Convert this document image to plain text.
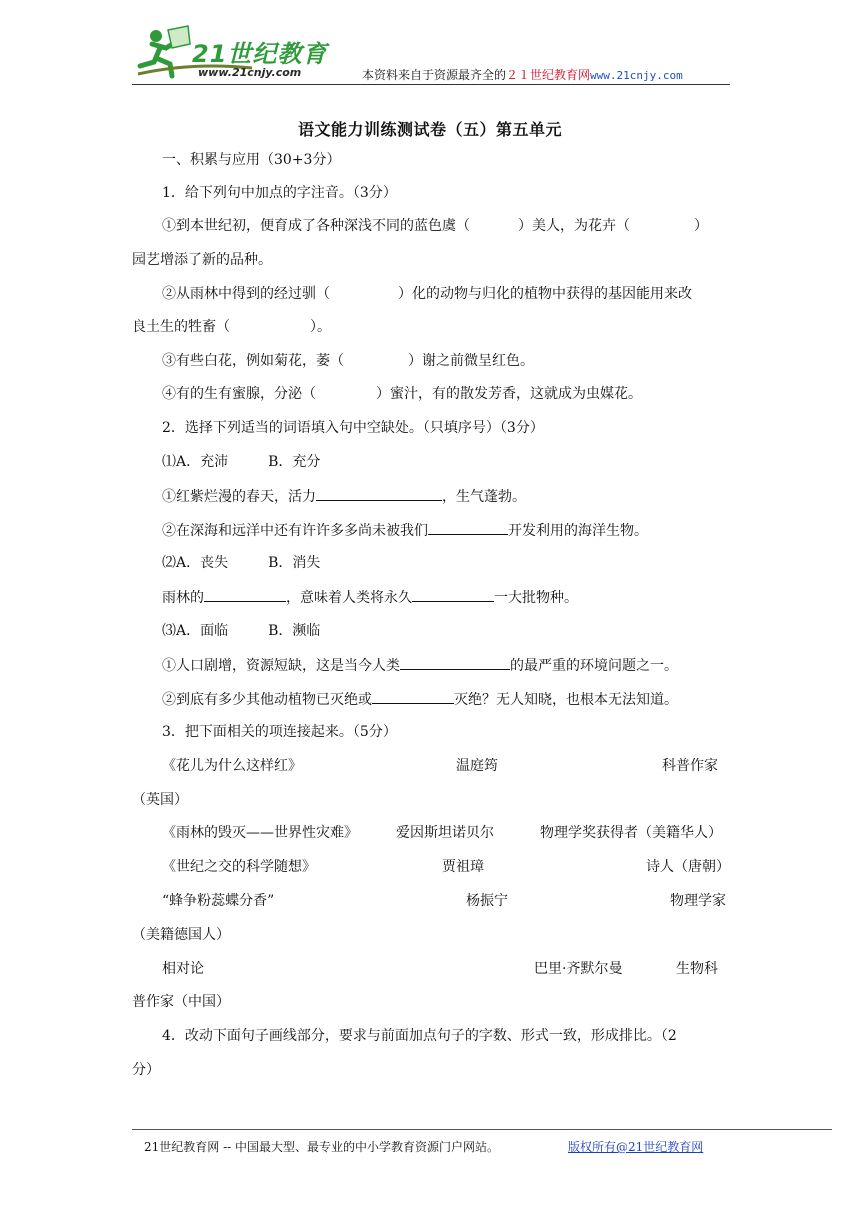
21世纪教育
www.21cnjy.com	本资料来自于资源最齐全的２１世纪教育网www.21cnjy.com
语文能力训练测试卷（五）第五单元
一、积累与应用（30+3分）
1．给下列句中加点的字注音。（3分）
①到本世纪初，便育成了各种深浅不同的蓝色虞（	）美人，为花卉（	）
园艺增添了新的品种。
②从雨林中得到的经过驯（	）化的动物与归化的植物中获得的基因能用来改
良土生的牲畜（	）。
③有些白花，例如菊花，萎（	）谢之前微呈红色。
④有的生有蜜腺，分泌（	）蜜汁，有的散发芳香，这就成为虫媒花。
2．选择下列适当的词语填入句中空缺处。（只填序号）（3分）
⑴A．充沛	B．充分
①红紫烂漫的春天，活力	，生气蓬勃。
②在深海和远洋中还有许许多多尚未被我们	开发利用的海洋生物。
⑵A．丧失	B．消失
雨林的	，意味着人类将永久	一大批物种。
⑶A．面临	B．濒临
①人口剧增，资源短缺，这是当今人类	的最严重的环境问题之一。
②到底有多少其他动植物已灭绝或	灭绝？无人知晓，也根本无法知道。
3．把下面相关的项连接起来。（5分）
《花儿为什么这样红》	温庭筠	科普作家
（英国）
《雨林的毁灭——世界性灾难》	爱因斯坦诺贝尔	物理学奖获得者（美籍华人）
《世纪之交的科学随想》	贾祖璋	诗人（唐朝）
“蜂争粉蕊蝶分香”	杨振宁	物理学家
（美籍德国人）
相对论	巴里·齐默尔曼	生物科
普作家（中国）
4．改动下面句子画线部分，要求与前面加点句子的字数、形式一致，形成排比。（2
分）
21世纪教育网 -- 中国最大型、最专业的中小学教育资源门户网站。	版权所有@21世纪教育网
